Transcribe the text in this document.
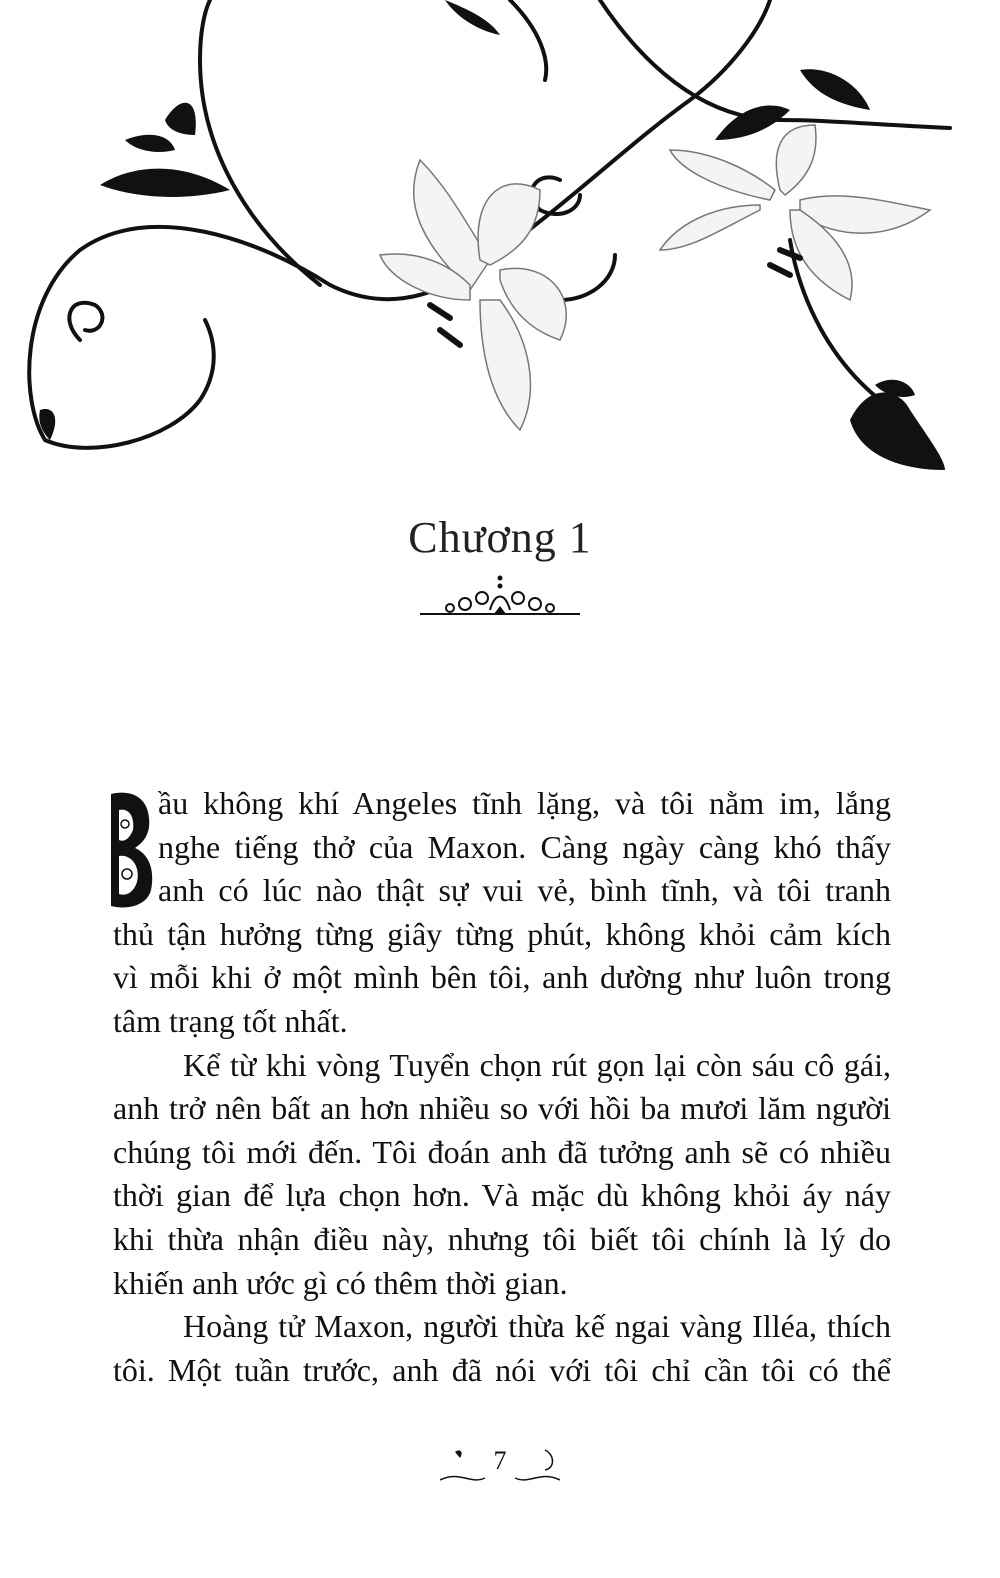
Chương 1
ầu không khí Angeles tĩnh lặng, và tôi nằm im, lắng
nghe tiếng thở của Maxon. Càng ngày càng khó thấy
anh có lúc nào thật sự vui vẻ, bình tĩnh, và tôi tranh
thủ tận hưởng từng giây từng phút, không khỏi cảm kích
vì mỗi khi ở một mình bên tôi, anh dường như luôn trong
tâm trạng tốt nhất.
Kể từ khi vòng Tuyển chọn rút gọn lại còn sáu cô gái,
anh trở nên bất an hơn nhiều so với hồi ba mươi lăm người
chúng tôi mới đến. Tôi đoán anh đã tưởng anh sẽ có nhiều
thời gian để lựa chọn hơn. Và mặc dù không khỏi áy náy
khi thừa nhận điều này, nhưng tôi biết tôi chính là lý do
khiến anh ước gì có thêm thời gian.
Hoàng tử Maxon, người thừa kế ngai vàng Illéa, thích
tôi. Một tuần trước, anh đã nói với tôi chỉ cần tôi có thể
7
